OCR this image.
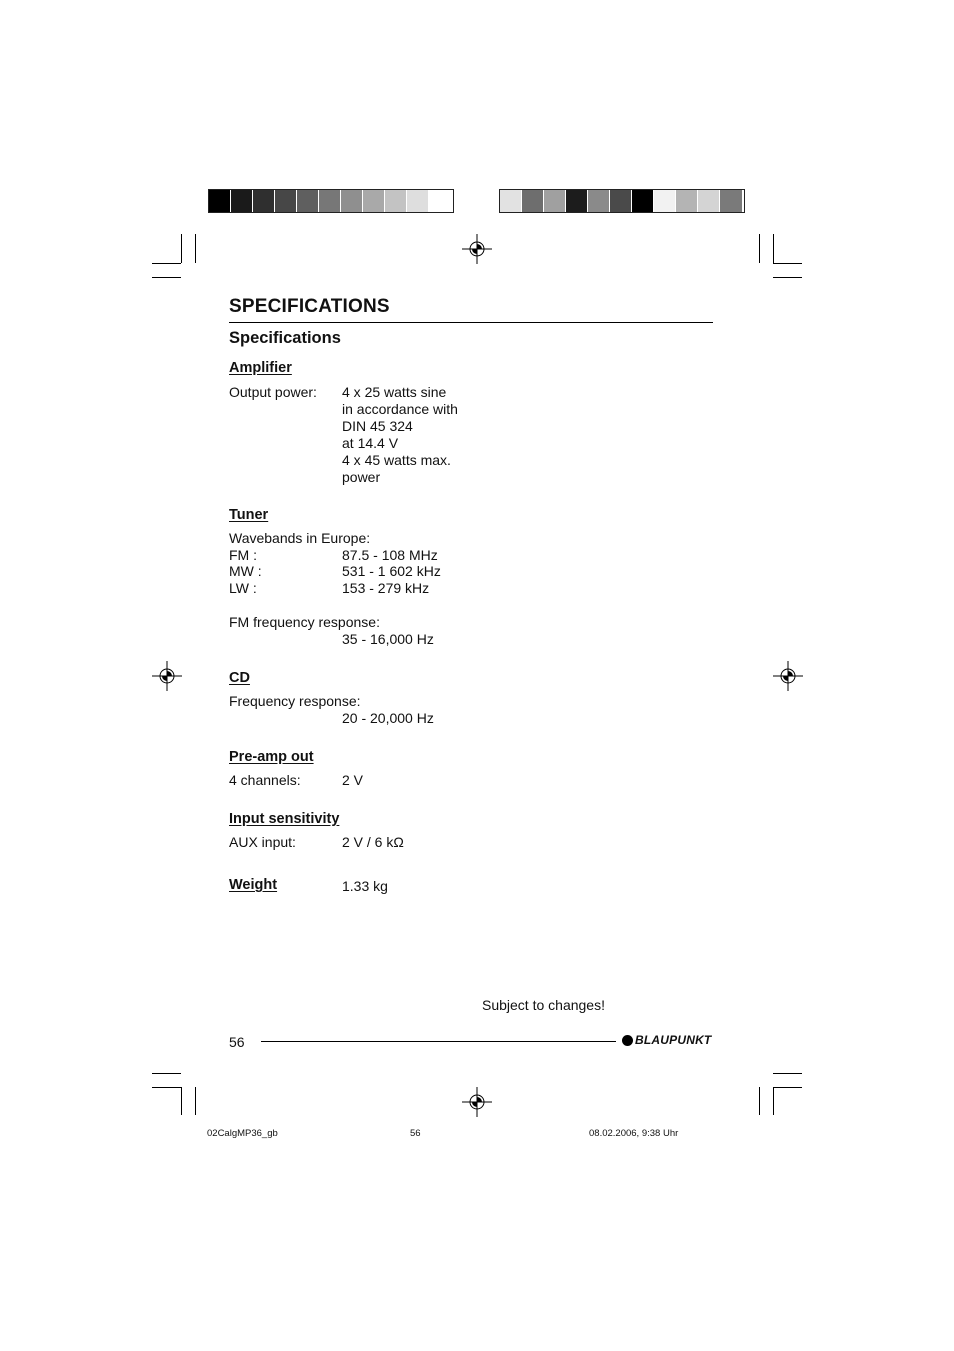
SPECIFICATIONS
Specifications
Amplifier
Output power: 4 x 25 watts sine
in accordance with
DIN 45 324
at 14.4 V
4 x 45 watts max.
power
Tuner
Wavebands in Europe:
FM :	87.5 - 108 MHz
MW :	531 - 1 602 kHz
LW :	153 - 279 kHz
FM frequency response:
35 - 16,000 Hz
CD
Frequency response:
20 - 20,000 Hz
Pre-amp out
4 channels:	2 V
Input sensitivity
AUX input:	2 V / 6 kΩ
Weight	1.33 kg
Subject to changes!
56	BLAUPUNKT
02CalgMP36_gb	56	08.02.2006, 9:38 Uhr
